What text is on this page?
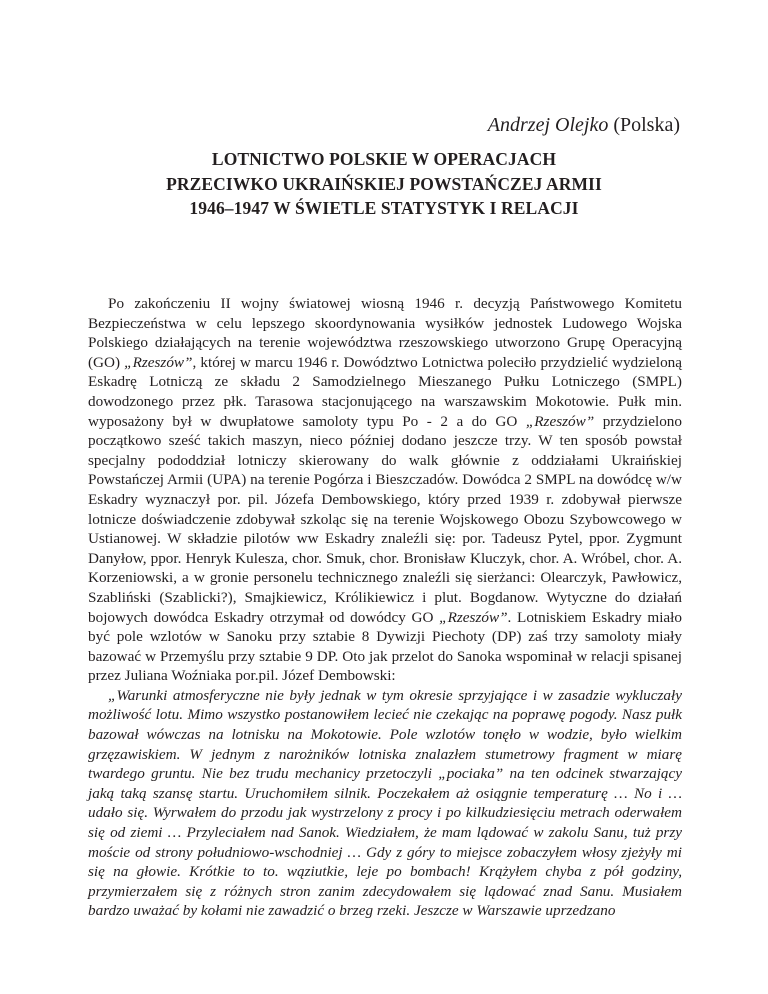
Andrzej Olejko (Polska)
LOTNICTWO POLSKIE W OPERACJACH
PRZECIWKO UKRAIŃSKIEJ POWSTAŃCZEJ ARMII
1946–1947 W ŚWIETLE STATYSTYK I RELACJI

Po zakończeniu II wojny światowej wiosną 1946 r. decyzją Państwowego Komitetu Bezpieczeństwa w celu lepszego skoordynowania wysiłków jednostek Ludowego Wojska Polskiego działających na terenie województwa rzeszowskiego utworzono Grupę Operacyjną (GO) „Rzeszów”, której w marcu 1946 r. Dowództwo Lotnictwa poleciło przydzielić wydzieloną Eskadrę Lotniczą ze składu 2 Samodzielnego Mieszanego Pułku Lotniczego (SMPL) dowodzonego przez płk. Tarasowa stacjonującego na warszawskim Mokotowie. Pułk min. wyposażony był w dwupłatowe samoloty typu Po - 2 a do GO „Rzeszów” przydzielono początkowo sześć takich maszyn, nieco później dodano jeszcze trzy. W ten sposób powstał specjalny pododdział lotniczy skierowany do walk głównie z oddziałami Ukraińskiej Powstańczej Armii (UPA) na terenie Pogórza i Bieszczadów. Dowódca 2 SMPL na dowódcę w/w Eskadry wyznaczył por. pil. Józefa Dembowskiego, który przed 1939 r. zdobywał pierwsze lotnicze doświadczenie zdobywał szkoląc się na terenie Wojskowego Obozu Szybowcowego w Ustianowej. W składzie pilotów ww Eskadry znaleźli się: por. Tadeusz Pytel, ppor. Zygmunt Danyłow, ppor. Henryk Kulesza, chor. Smuk, chor. Bronisław Kluczyk, chor. A. Wróbel, chor. A. Korzeniowski, a w gronie personelu technicznego znaleźli się sierżanci: Olearczyk, Pawłowicz, Szabliński (Szablicki?), Smajkiewicz, Królikiewicz i plut. Bogdanow. Wytyczne do działań bojowych dowódca Eskadry otrzymał od dowódcy GO „Rzeszów”. Lotniskiem Eskadry miało być pole wzlotów w Sanoku przy sztabie 8 Dywizji Piechoty (DP) zaś trzy samoloty miały bazować w Przemyślu przy sztabie 9 DP. Oto jak przelot do Sanoka wspominał w relacji spisanej przez Juliana Woźniaka por.pil. Józef Dembowski:

„Warunki atmosferyczne nie były jednak w tym okresie sprzyjające i w zasadzie wykluczały możliwość lotu. Mimo wszystko postanowiłem lecieć nie czekając na poprawę pogody. Nasz pułk bazował wówczas na lotnisku na Mokotowie. Pole wzlotów tonęło w wodzie, było wielkim grzęzawiskiem. W jednym z narożników lotniska znalazłem stumetrowy fragment w miarę twardego gruntu. Nie bez trudu mechanicy przetoczyli „pociaka” na ten odcinek stwarzający jaką taką szansę startu. Uruchomiłem silnik. Poczekałem aż osiągnie temperaturę … No i … udało się. Wyrwałem do przodu jak wystrzelony z procy i po kilkudziesięciu metrach oderwałem się od ziemi … Przyleciałem nad Sanok. Wiedziałem, że mam lądować w zakolu Sanu, tuż przy moście od strony południowo-wschodniej … Gdy z góry to miejsce zobaczyłem włosy zjeżyły mi się na głowie. Krótkie to to. wąziutkie, leje po bombach! Krążyłem chyba z pół godziny, przymierzałem się z różnych stron zanim zdecydowałem się lądować znad Sanu. Musiałem bardzo uważać by kołami nie zawadzić o brzeg rzeki. Jeszcze w Warszawie uprzedzano
